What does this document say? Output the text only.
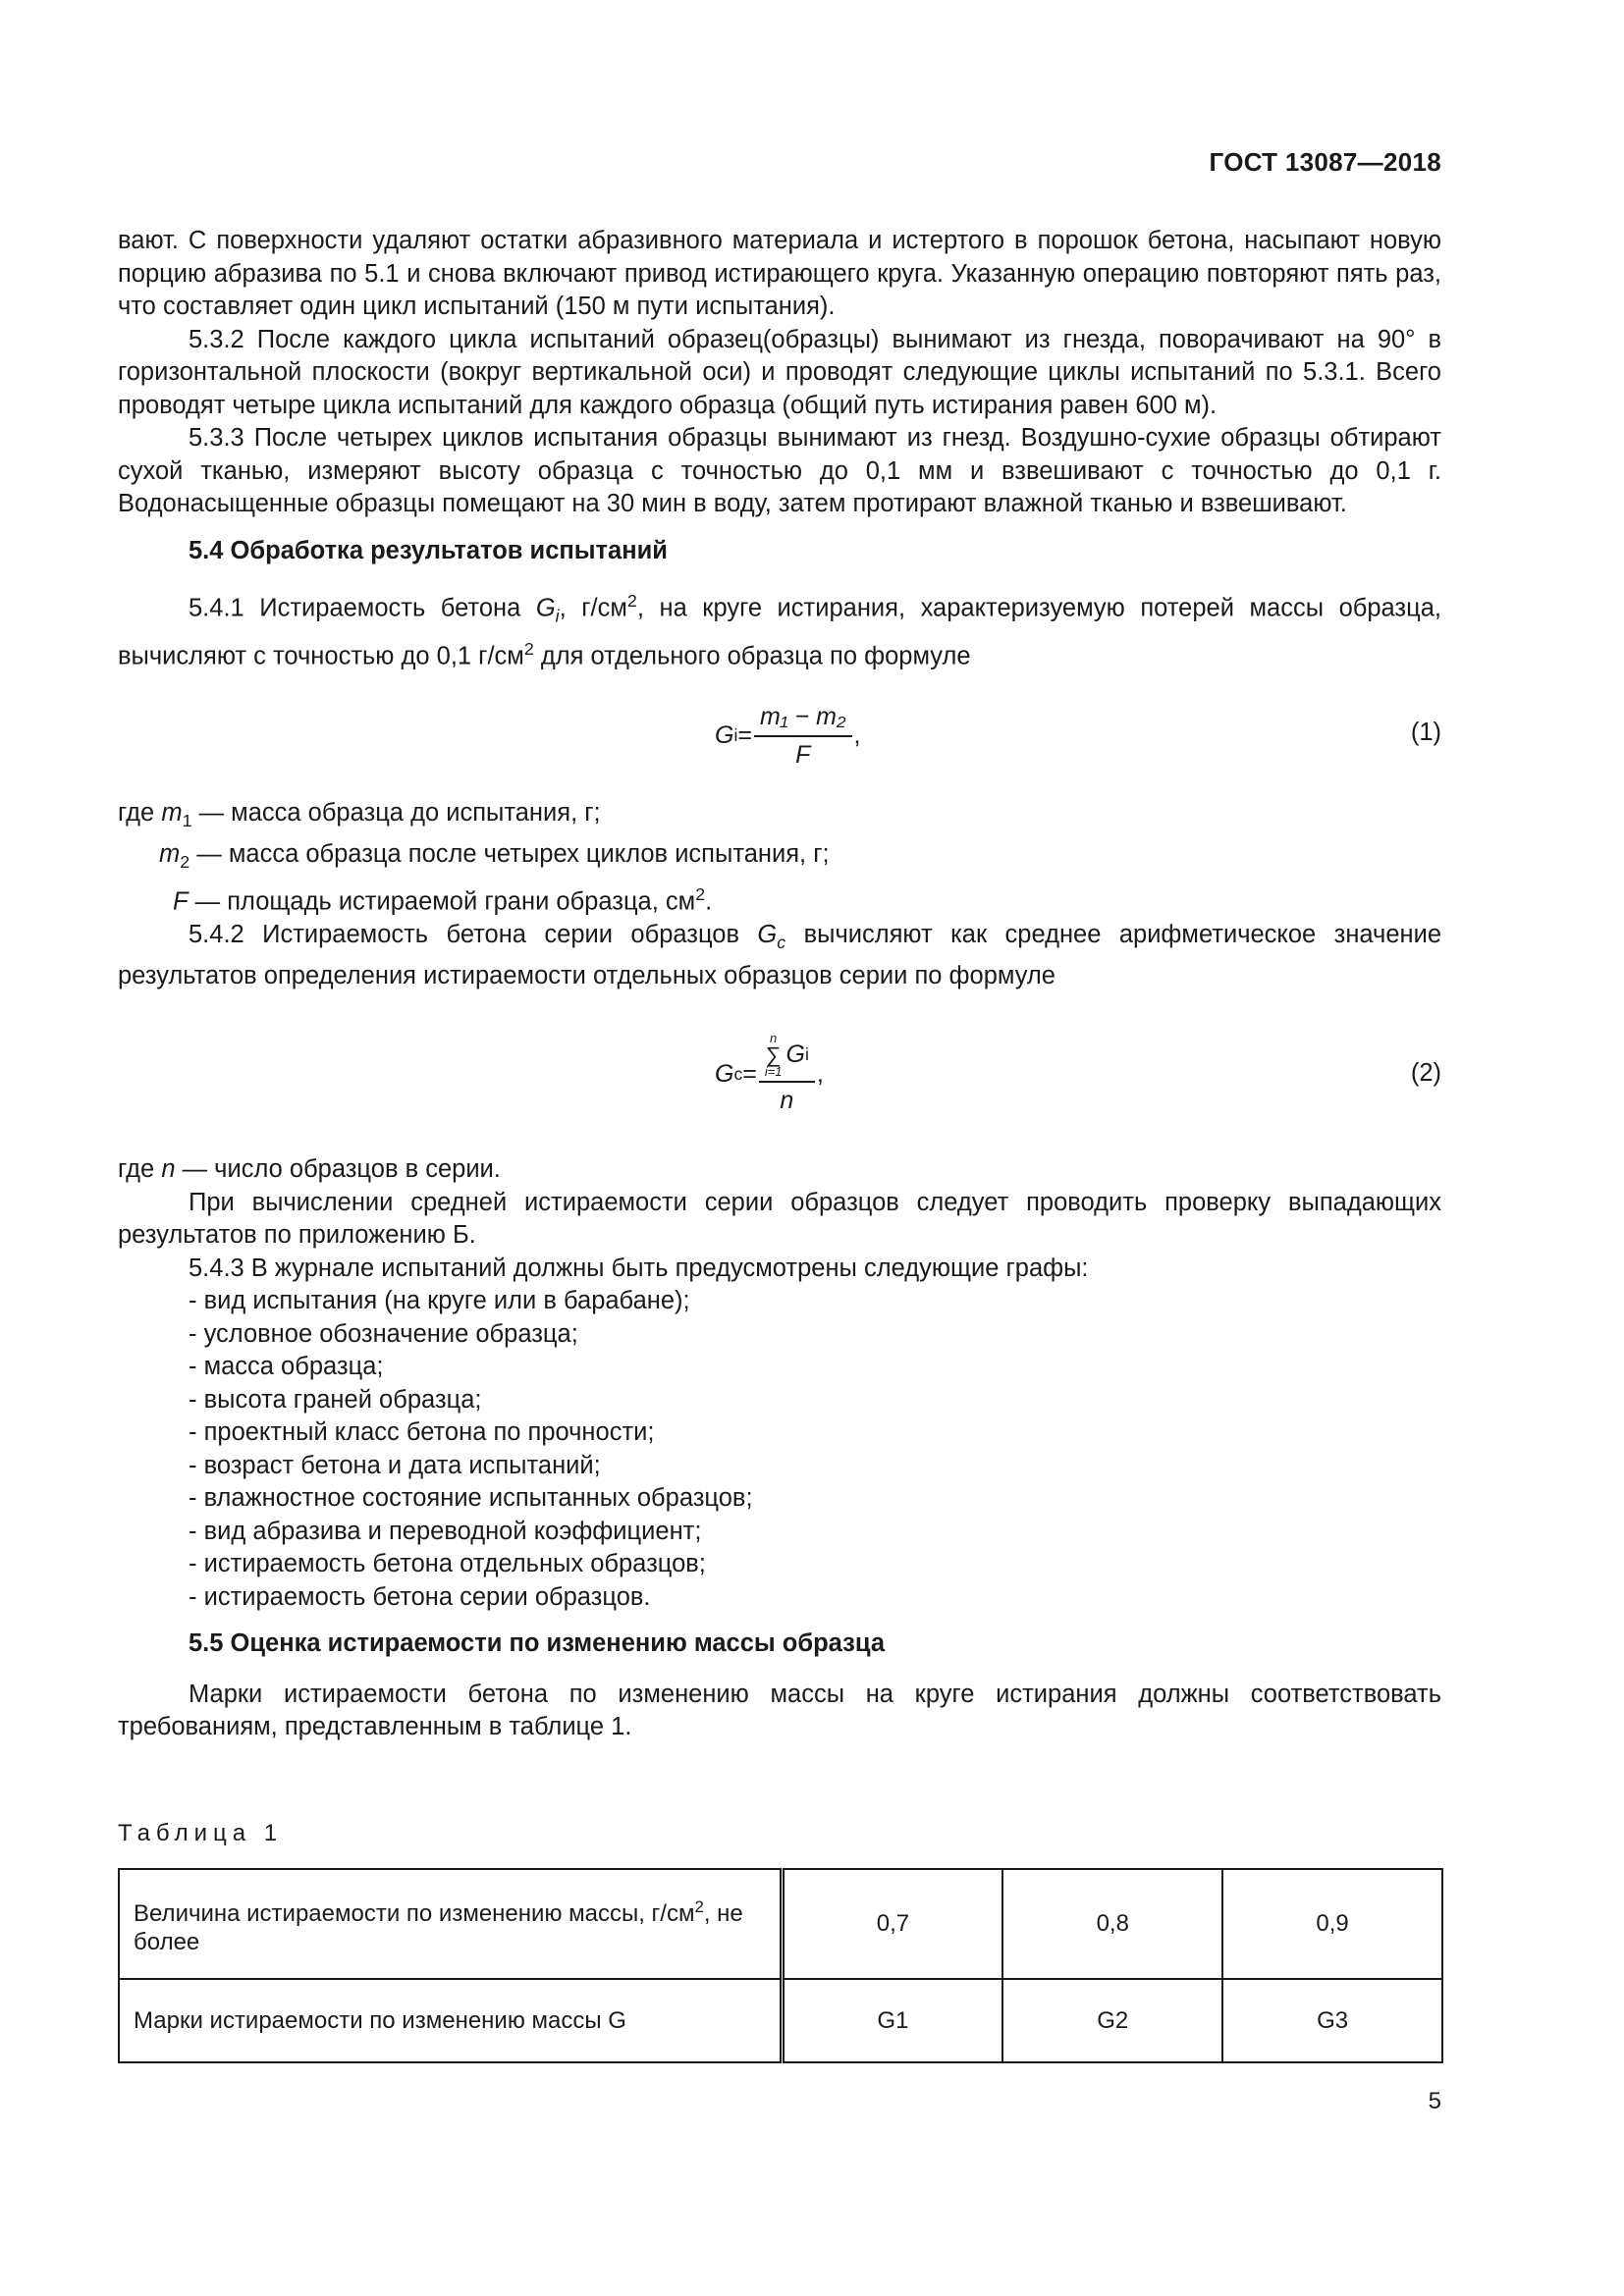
ГОСТ 13087—2018

вают. С поверхности удаляют остатки абразивного материала и истертого в порошок бетона, насыпают новую порцию абразива по 5.1 и снова включают привод истирающего круга. Указанную операцию повторяют пять раз, что составляет один цикл испытаний (150 м пути испытания).

5.3.2 После каждого цикла испытаний образец(образцы) вынимают из гнезда, поворачивают на 90° в горизонтальной плоскости (вокруг вертикальной оси) и проводят следующие циклы испытаний по 5.3.1. Всего проводят четыре цикла испытаний для каждого образца (общий путь истирания равен 600 м).

5.3.3 После четырех циклов испытания образцы вынимают из гнезд. Воздушно-сухие образцы обтирают сухой тканью, измеряют высоту образца с точностью до 0,1 мм и взвешивают с точностью до 0,1 г. Водонасыщенные образцы помещают на 30 мин в воду, затем протирают влажной тканью и взвешивают.

5.4 Обработка результатов испытаний

5.4.1 Истираемость бетона $G_i$, $г/см^2$, на круге истирания, характеризуемую потерей массы образца, вычисляют с точностью до 0,1 $г/см^2$ для отдельного образца по формуле

G $i = \frac{\text{m₁ − m₂}}{F}$ ,	(1)

где $m_1$ — масса образца до испытания, г;

$m_2$ — масса образца после четырех циклов испытания, г;

F — площадь истираемой грани образца, $см^2$.

5.4.2 Истираемость бетона серии образцов $G_c$ вычисляют как среднее арифметическое значение результатов определения истираемости отдельных образцов серии по формуле

G c =
n
∑
i=1
G i
n
,	(2)

где n — число образцов в серии.

При вычислении средней истираемости серии образцов следует проводить проверку выпадающих результатов по приложению Б.

5.4.3 В журнале испытаний должны быть предусмотрены следующие графы:

- вид испытания (на круге или в барабане);
- условное обозначение образца;
- масса образца;
- высота граней образца;
- проектный класс бетона по прочности;
- возраст бетона и дата испытаний;
- влажностное состояние испытанных образцов;
- вид абразива и переводной коэффициент;
- истираемость бетона отдельных образцов;
- истираемость бетона серии образцов.

5.5 Оценка истираемости по изменению массы образца

Марки истираемости бетона по изменению массы на круге истирания должны соответствовать требованиям, представленным в таблице 1.

Таблица 1
Величина истираемости по изменению массы, $г/см^2$, не более	0,7	0,8	0,9
Марки истираемости по изменению массы G	G1	G2	G3
5
